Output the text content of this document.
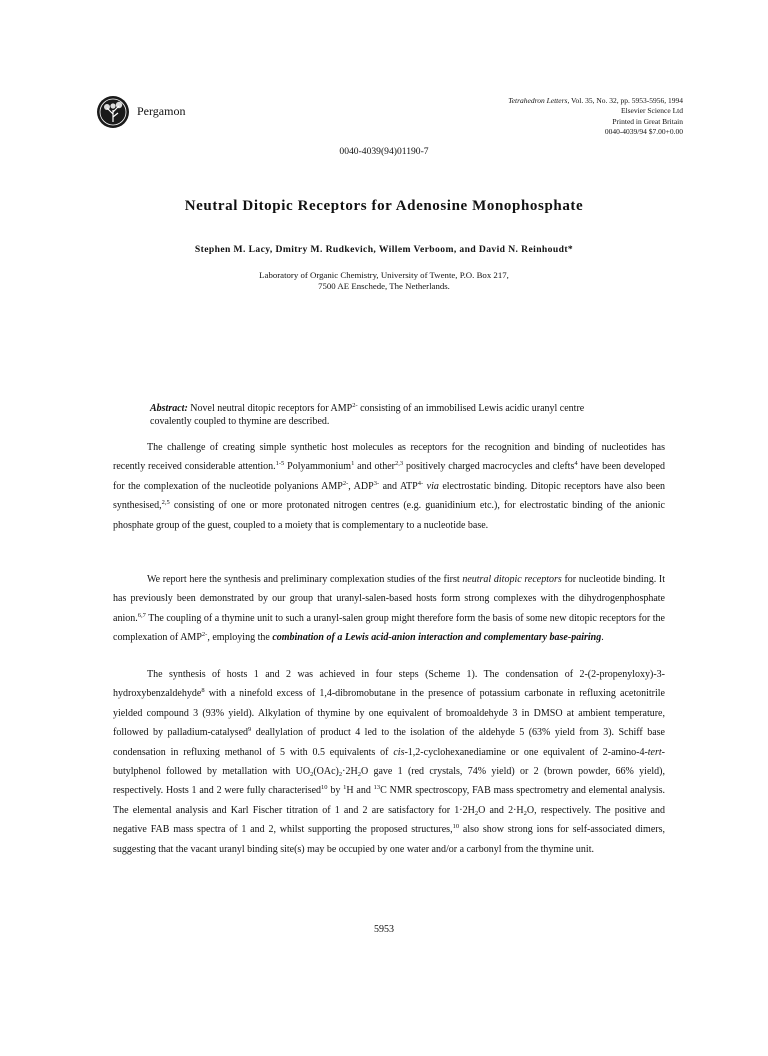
Pergamon
Tetrahedron Letters, Vol. 35, No. 32, pp. 5953-5956, 1994
Elsevier Science Ltd
Printed in Great Britain
0040-4039/94 $7.00+0.00
0040-4039(94)01190-7
Neutral Ditopic Receptors for Adenosine Monophosphate
Stephen M. Lacy, Dmitry M. Rudkevich, Willem Verboom, and David N. Reinhoudt*
Laboratory of Organic Chemistry, University of Twente, P.O. Box 217,
7500 AE Enschede, The Netherlands.
Abstract: Novel neutral ditopic receptors for $AMP^{2-}$ consisting of an immobilised Lewis acidic uranyl centre covalently coupled to thymine are described.

The challenge of creating simple synthetic host molecules as receptors for the recognition and binding of nucleotides has recently received considerable attention.$^{1-5}$ Polyammonium$^1$ and other$^{2,3}$ positively charged macrocycles and clefts$^4$ have been developed for the complexation of the nucleotide polyanions $AMP^{2-}$, $ADP^{3-}$ and $ATP^{4-}$ via electrostatic binding. Ditopic receptors have also been synthesised,$^{2,5}$ consisting of one or more protonated nitrogen centres (e.g. guanidinium etc.), for electrostatic binding of the anionic phosphate group of the guest, coupled to a moiety that is complementary to a nucleotide base.

We report here the synthesis and preliminary complexation studies of the first neutral ditopic receptors for nucleotide binding. It has previously been demonstrated by our group that uranyl-salen-based hosts form strong complexes with the dihydrogenphosphate anion.$^{6,7}$ The coupling of a thymine unit to such a uranyl-salen group might therefore form the basis of some new ditopic receptors for the complexation of $AMP^{2-}$, employing the combination of a Lewis acid-anion interaction and complementary base-pairing.

The synthesis of hosts 1 and 2 was achieved in four steps (Scheme 1). The condensation of 2-(2-propenyloxy)-3-hydroxybenzaldehyde$^8$ with a ninefold excess of 1,4-dibromobutane in the presence of potassium carbonate in refluxing acetonitrile yielded compound 3 (93% yield). Alkylation of thymine by one equivalent of bromoaldehyde 3 in DMSO at ambient temperature, followed by palladium-catalysed$^9$ deallylation of product 4 led to the isolation of the aldehyde 5 (63% yield from 3). Schiff base condensation in refluxing methanol of 5 with 0.5 equivalents of cis-1,2-cyclohexanediamine or one equivalent of 2-amino-4-tert-butylphenol followed by metallation with $UO_2(OAc)_2\cdot 2H_2O$ gave 1 (red crystals, 74% yield) or 2 (brown powder, 66% yield), respectively. Hosts 1 and 2 were fully characterised$^{10}$ by $^1$H and $^{13}$C NMR spectroscopy, FAB mass spectrometry and elemental analysis. The elemental analysis and Karl Fischer titration of 1 and 2 are satisfactory for $1\cdot 2H_2O$ and $2\cdot H_2O$, respectively. The positive and negative FAB mass spectra of 1 and 2, whilst supporting the proposed structures,$^{10}$ also show strong ions for self-associated dimers, suggesting that the vacant uranyl binding site(s) may be occupied by one water and/or a carbonyl from the thymine unit.

5953
